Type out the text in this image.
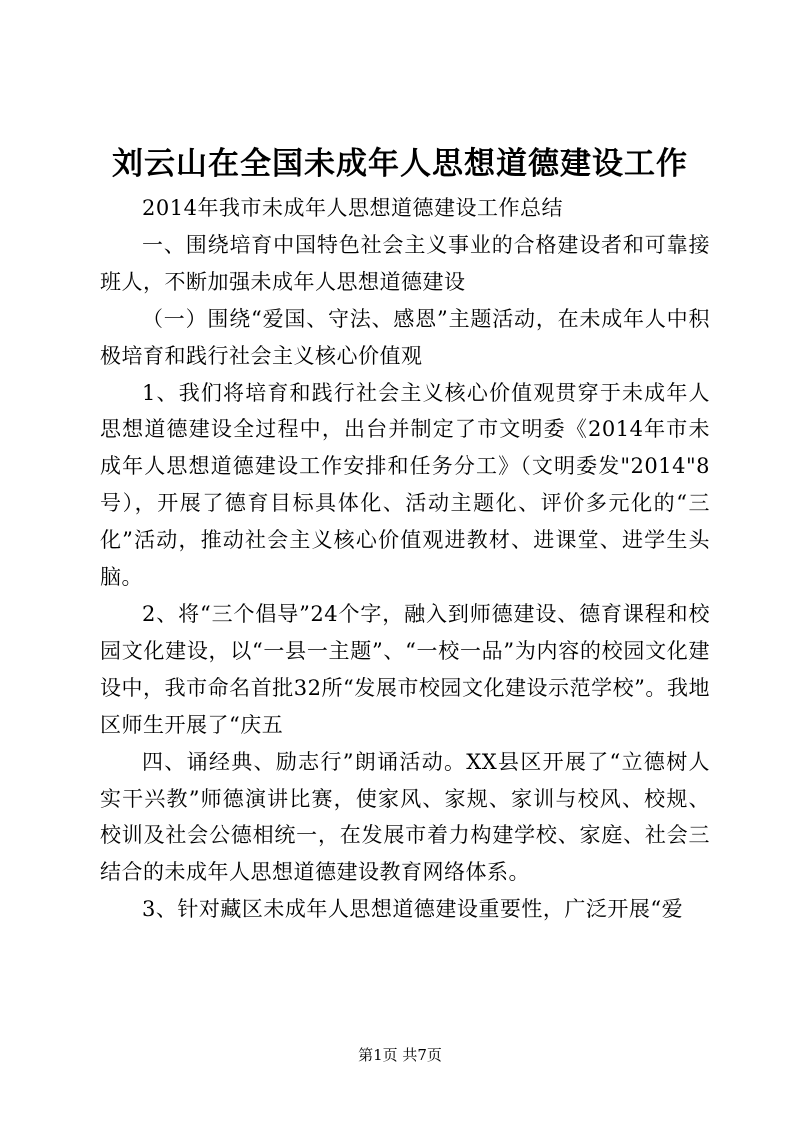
刘云山在全国未成年人思想道德建设工作

2014年我市未成年人思想道德建设工作总结

一、围绕培育中国特色社会主义事业的合格建设者和可靠接班人，不断加强未成年人思想道德建设

（一）围绕“爱国、守法、感恩”主题活动，在未成年人中积极培育和践行社会主义核心价值观

1、我们将培育和践行社会主义核心价值观贯穿于未成年人思想道德建设全过程中，出台并制定了市文明委《2014年市未成年人思想道德建设工作安排和任务分工》（文明委发"2014"8号），开展了德育目标具体化、活动主题化、评价多元化的“三化”活动，推动社会主义核心价值观进教材、进课堂、进学生头脑。

2、将“三个倡导”24个字，融入到师德建设、德育课程和校园文化建设，以“一县一主题”、“一校一品”为内容的校园文化建设中，我市命名首批32所“发展市校园文化建设示范学校”。我地区师生开展了“庆五

四、诵经典、励志行”朗诵活动。XX县区开展了“立德树人实干兴教”师德演讲比赛，使家风、家规、家训与校风、校规、校训及社会公德相统一，在发展市着力构建学校、家庭、社会三结合的未成年人思想道德建设教育网络体系。

3、针对藏区未成年人思想道德建设重要性，广泛开展“爱

第1页 共7页
